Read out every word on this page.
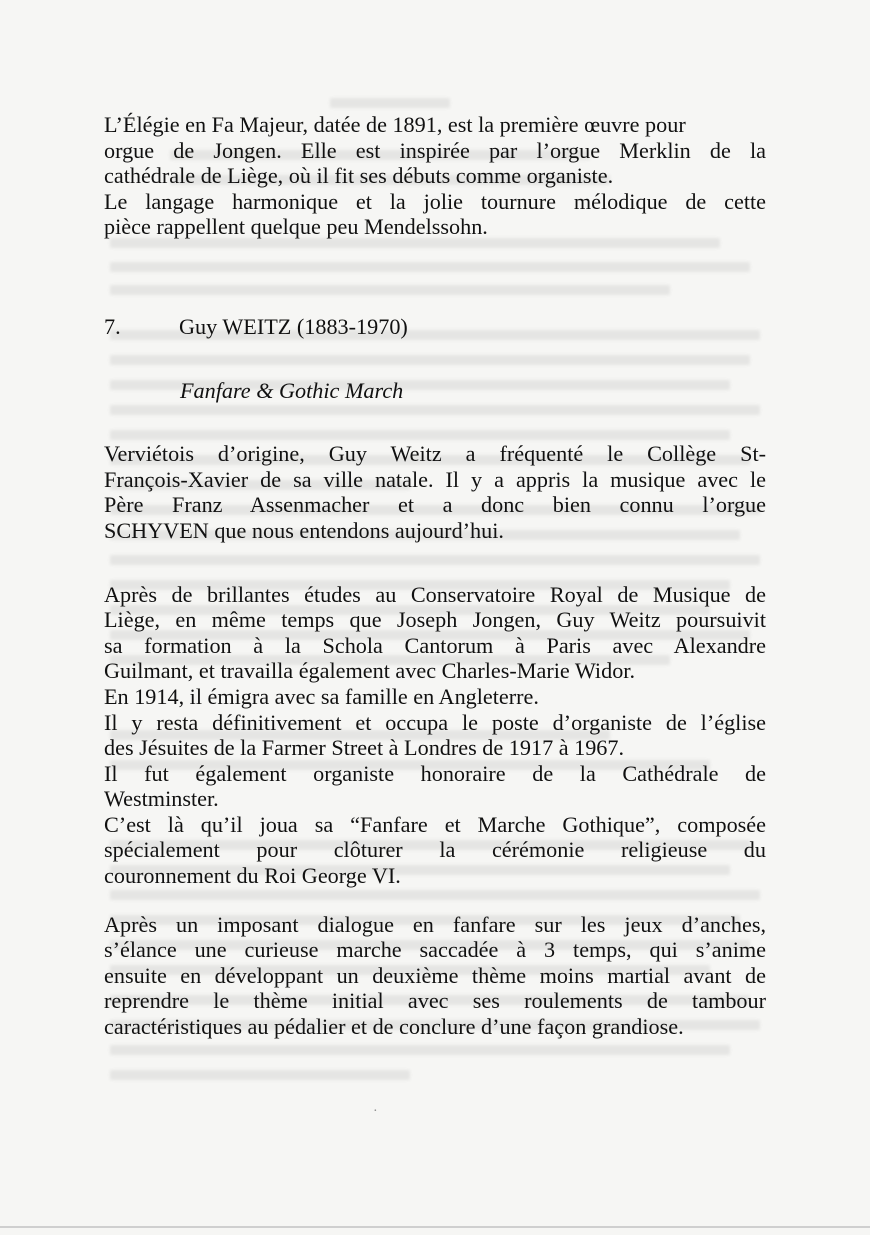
L’Élégie en Fa Majeur, datée de 1891, est la première œuvre pour
orgue de Jongen. Elle est inspirée par l’orgue Merklin de la
cathédrale de Liège, où il fit ses débuts comme organiste.
Le langage harmonique et la jolie tournure mélodique de cette
pièce rappellent quelque peu Mendelssohn.

7.	Guy WEITZ (1883-1970)

Fanfare & Gothic March

Verviétois d’origine, Guy Weitz a fréquenté le Collège St-
François-Xavier de sa ville natale. Il y a appris la musique avec le
Père Franz Assenmacher et a donc bien connu l’orgue
SCHYVEN que nous entendons aujourd’hui.

Après de brillantes études au Conservatoire Royal de Musique de
Liège, en même temps que Joseph Jongen, Guy Weitz poursuivit
sa formation à la Schola Cantorum à Paris avec Alexandre
Guilmant, et travailla également avec Charles-Marie Widor.
En 1914, il émigra avec sa famille en Angleterre.
Il y resta définitivement et occupa le poste d’organiste de l’église
des Jésuites de la Farmer Street à Londres de 1917 à 1967.
Il fut également organiste honoraire de la Cathédrale de
Westminster.
C’est là qu’il joua sa “Fanfare et Marche Gothique”, composée
spécialement pour clôturer la cérémonie religieuse du
couronnement du Roi George VI.

Après un imposant dialogue en fanfare sur les jeux d’anches,
s’élance une curieuse marche saccadée à 3 temps, qui s’anime
ensuite en développant un deuxième thème moins martial avant de
reprendre le thème initial avec ses roulements de tambour
caractéristiques au pédalier et de conclure d’une façon grandiose.

·
